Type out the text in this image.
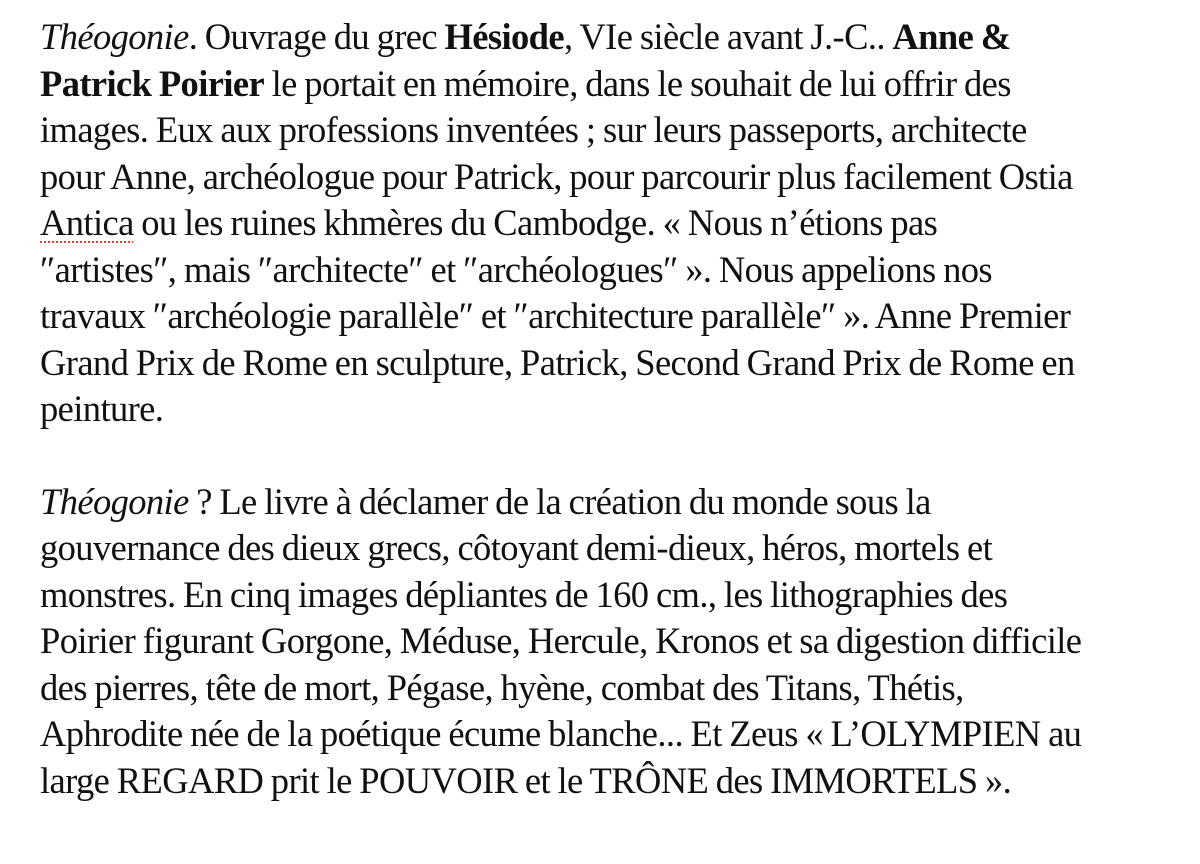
Théogonie. Ouvrage du grec Hésiode, VIe siècle avant J.-C.. Anne &
Patrick Poirier le portait en mémoire, dans le souhait de lui offrir des
images. Eux aux professions inventées ; sur leurs passeports, architecte
pour Anne, archéologue pour Patrick, pour parcourir plus facilement Ostia
Antica ou les ruines khmères du Cambodge. « Nous n’étions pas
″artistes″, mais ″architecte″ et ″archéologues″ ». Nous appelions nos
travaux ″archéologie parallèle″ et ″architecture parallèle″ ». Anne Premier
Grand Prix de Rome en sculpture, Patrick, Second Grand Prix de Rome en
peinture.

Théogonie ? Le livre à déclamer de la création du monde sous la
gouvernance des dieux grecs, côtoyant demi-dieux, héros, mortels et
monstres. En cinq images dépliantes de 160 cm., les lithographies des
Poirier figurant Gorgone, Méduse, Hercule, Kronos et sa digestion difficile
des pierres, tête de mort, Pégase, hyène, combat des Titans, Thétis,
Aphrodite née de la poétique écume blanche... Et Zeus « L’OLYMPIEN au
large REGARD prit le POUVOIR et le TRÔNE des IMMORTELS ».
